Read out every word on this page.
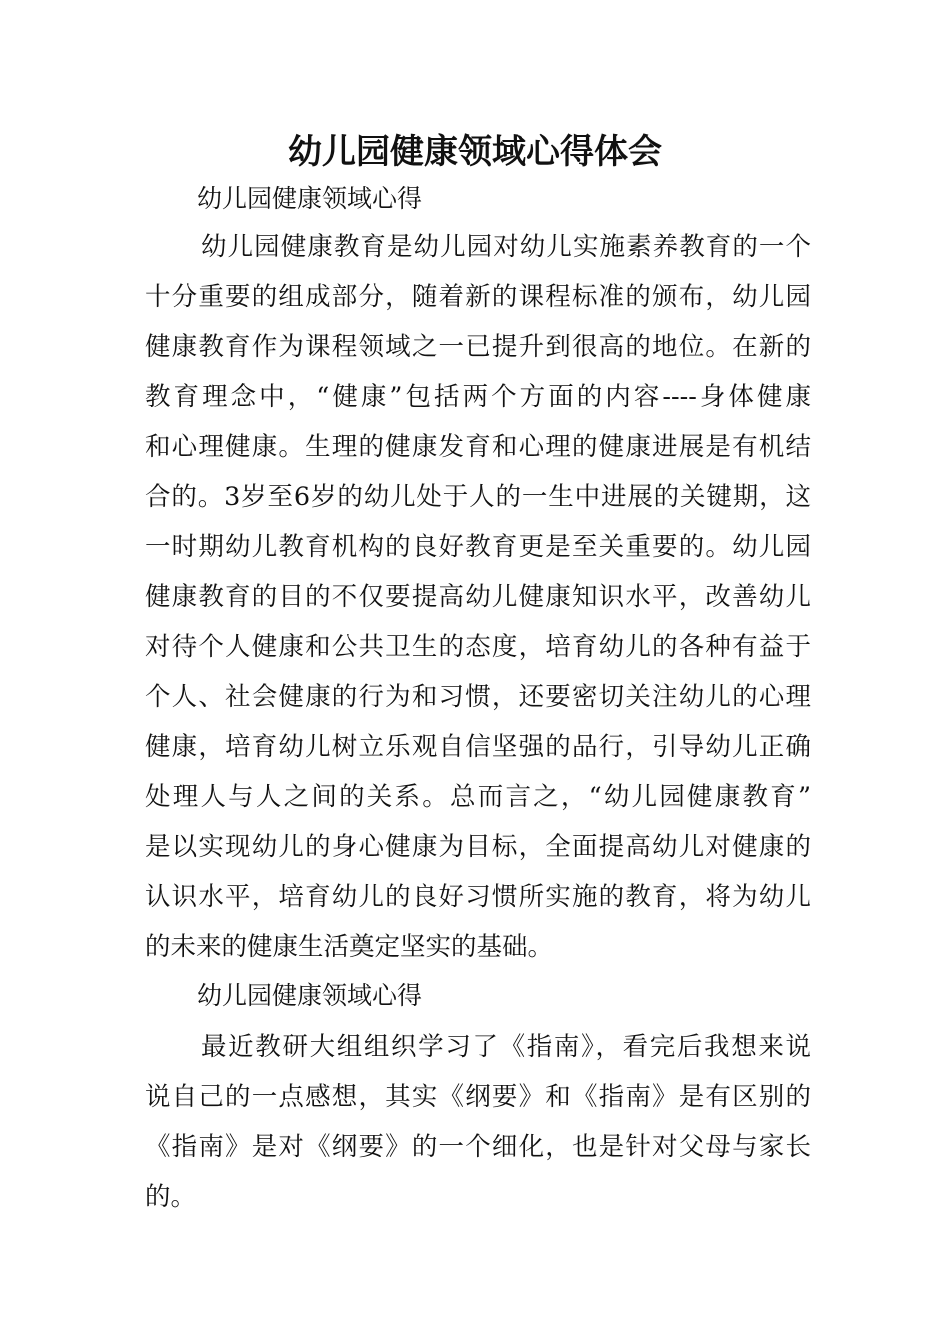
幼儿园健康领域心得体会
幼儿园健康领域心得
幼儿园健康教育是幼儿园对幼儿实施素养教育的一个
十分重要的组成部分，随着新的课程标准的颁布，幼儿园
健康教育作为课程领域之一已提升到很高的地位。在新的
教育理念中，“健康”包括两个方面的内容----身体健康
和心理健康。生理的健康发育和心理的健康进展是有机结
合的。3岁至6岁的幼儿处于人的一生中进展的关键期，这
一时期幼儿教育机构的良好教育更是至关重要的。幼儿园
健康教育的目的不仅要提高幼儿健康知识水平，改善幼儿
对待个人健康和公共卫生的态度，培育幼儿的各种有益于
个人、社会健康的行为和习惯，还要密切关注幼儿的心理
健康，培育幼儿树立乐观自信坚强的品行，引导幼儿正确
处理人与人之间的关系。总而言之，“幼儿园健康教育”
是以实现幼儿的身心健康为目标，全面提高幼儿对健康的
认识水平，培育幼儿的良好习惯所实施的教育，将为幼儿
的未来的健康生活奠定坚实的基础。
幼儿园健康领域心得
最近教研大组组织学习了《指南》，看完后我想来说
说自己的一点感想，其实《纲要》和《指南》是有区别的
《指南》是对《纲要》的一个细化，也是针对父母与家长
的。
